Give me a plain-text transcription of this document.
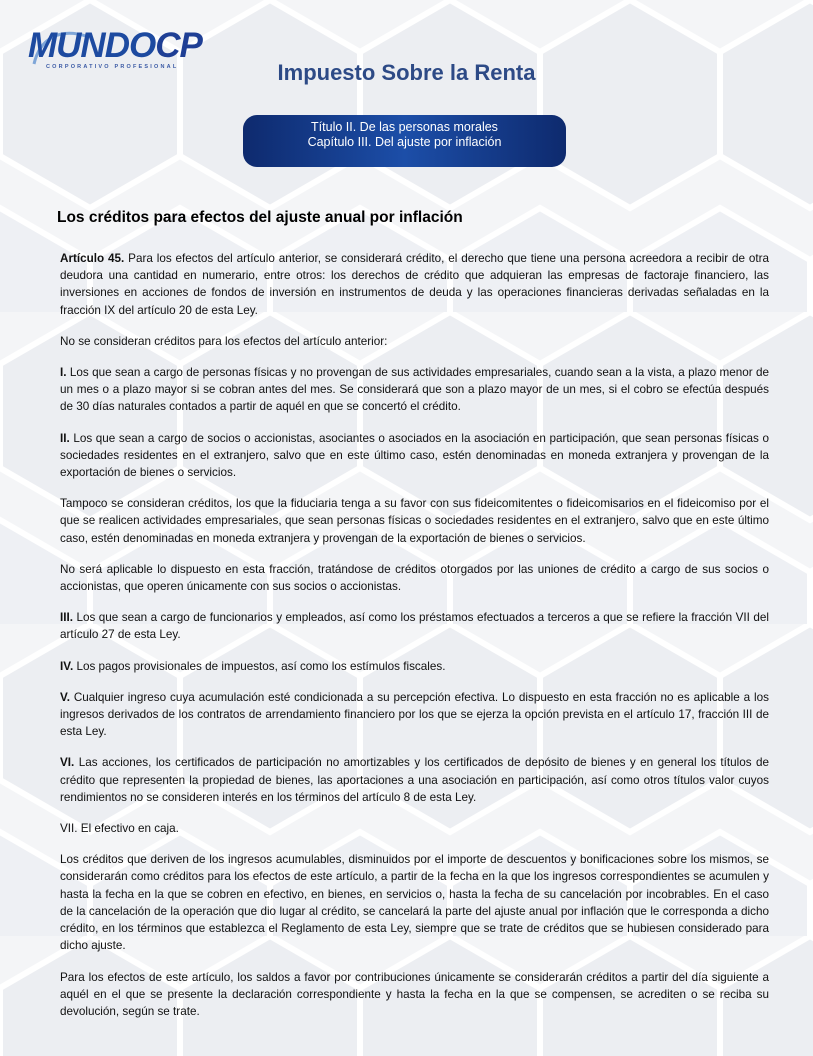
MUNDOCP
CORPORATIVO PROFESIONAL	Impuesto Sobre la Renta
Título II. De las personas morales
Capítulo III. Del ajuste por inflación
Los créditos para efectos del ajuste anual por inflación

Artículo 45. Para los efectos del artículo anterior, se considerará crédito, el derecho que tiene una persona acreedora a recibir de otra deudora una cantidad en numerario, entre otros: los derechos de crédito que adquieran las empresas de factoraje financiero, las inversiones en acciones de fondos de inversión en instrumentos de deuda y las operaciones financieras derivadas señaladas en la fracción IX del artículo 20 de esta Ley.

No se consideran créditos para los efectos del artículo anterior:

I. Los que sean a cargo de personas físicas y no provengan de sus actividades empresariales, cuando sean a la vista, a plazo menor de un mes o a plazo mayor si se cobran antes del mes. Se considerará que son a plazo mayor de un mes, si el cobro se efectúa después de 30 días naturales contados a partir de aquél en que se concertó el crédito.

II. Los que sean a cargo de socios o accionistas, asociantes o asociados en la asociación en participación, que sean personas físicas o sociedades residentes en el extranjero, salvo que en este último caso, estén denominadas en moneda extranjera y provengan de la exportación de bienes o servicios.

Tampoco se consideran créditos, los que la fiduciaria tenga a su favor con sus fideicomitentes o fideicomisarios en el fideicomiso por el que se realicen actividades empresariales, que sean personas físicas o sociedades residentes en el extranjero, salvo que en este último caso, estén denominadas en moneda extranjera y provengan de la exportación de bienes o servicios.

No será aplicable lo dispuesto en esta fracción, tratándose de créditos otorgados por las uniones de crédito a cargo de sus socios o accionistas, que operen únicamente con sus socios o accionistas.

III. Los que sean a cargo de funcionarios y empleados, así como los préstamos efectuados a terceros a que se refiere la fracción VII del artículo 27 de esta Ley.

IV. Los pagos provisionales de impuestos, así como los estímulos fiscales.

V. Cualquier ingreso cuya acumulación esté condicionada a su percepción efectiva. Lo dispuesto en esta fracción no es aplicable a los ingresos derivados de los contratos de arrendamiento financiero por los que se ejerza la opción prevista en el artículo 17, fracción III de esta Ley.

VI. Las acciones, los certificados de participación no amortizables y los certificados de depósito de bienes y en general los títulos de crédito que representen la propiedad de bienes, las aportaciones a una asociación en participación, así como otros títulos valor cuyos rendimientos no se consideren interés en los términos del artículo 8 de esta Ley.

VII. El efectivo en caja.

Los créditos que deriven de los ingresos acumulables, disminuidos por el importe de descuentos y bonificaciones sobre los mismos, se considerarán como créditos para los efectos de este artículo, a partir de la fecha en la que los ingresos correspondientes se acumulen y hasta la fecha en la que se cobren en efectivo, en bienes, en servicios o, hasta la fecha de su cancelación por incobrables. En el caso de la cancelación de la operación que dio lugar al crédito, se cancelará la parte del ajuste anual por inflación que le corresponda a dicho crédito, en los términos que establezca el Reglamento de esta Ley, siempre que se trate de créditos que se hubiesen considerado para dicho ajuste.

Para los efectos de este artículo, los saldos a favor por contribuciones únicamente se considerarán créditos a partir del día siguiente a aquél en el que se presente la declaración correspondiente y hasta la fecha en la que se compensen, se acrediten o se reciba su devolución, según se trate.
